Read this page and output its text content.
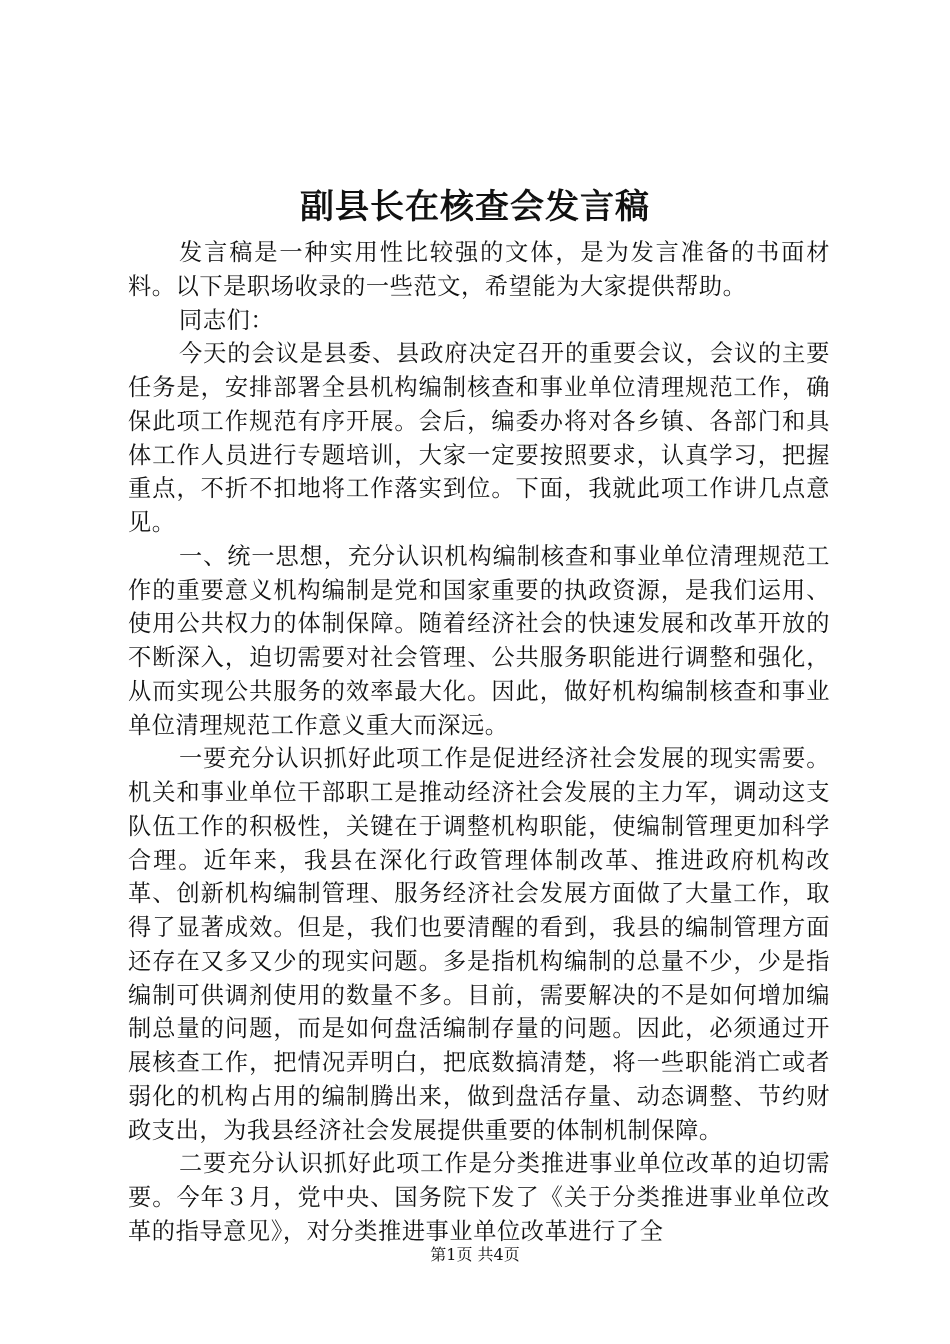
副县长在核查会发言稿

发言稿是一种实用性比较强的文体，是为发言准备的书面材料。以下是职场收录的一些范文，希望能为大家提供帮助。

同志们：

今天的会议是县委、县政府决定召开的重要会议，会议的主要任务是，安排部署全县机构编制核查和事业单位清理规范工作，确保此项工作规范有序开展。会后，编委办将对各乡镇、各部门和具体工作人员进行专题培训，大家一定要按照要求，认真学习，把握重点，不折不扣地将工作落实到位。下面，我就此项工作讲几点意见。

一、统一思想，充分认识机构编制核查和事业单位清理规范工作的重要意义机构编制是党和国家重要的执政资源，是我们运用、使用公共权力的体制保障。随着经济社会的快速发展和改革开放的不断深入，迫切需要对社会管理、公共服务职能进行调整和强化，从而实现公共服务的效率最大化。因此，做好机构编制核查和事业单位清理规范工作意义重大而深远。

一要充分认识抓好此项工作是促进经济社会发展的现实需要。机关和事业单位干部职工是推动经济社会发展的主力军，调动这支队伍工作的积极性，关键在于调整机构职能，使编制管理更加科学合理。近年来，我县在深化行政管理体制改革、推进政府机构改革、创新机构编制管理、服务经济社会发展方面做了大量工作，取得了显著成效。但是，我们也要清醒的看到，我县的编制管理方面还存在又多又少的现实问题。多是指机构编制的总量不少，少是指编制可供调剂使用的数量不多。目前，需要解决的不是如何增加编制总量的问题，而是如何盘活编制存量的问题。因此，必须通过开展核查工作，把情况弄明白，把底数搞清楚，将一些职能消亡或者弱化的机构占用的编制腾出来，做到盘活存量、动态调整、节约财政支出，为我县经济社会发展提供重要的体制机制保障。

二要充分认识抓好此项工作是分类推进事业单位改革的迫切需要。今年３月，党中央、国务院下发了《关于分类推进事业单位改革的指导意见》，对分类推进事业单位改革进行了全

第1页 共4页
